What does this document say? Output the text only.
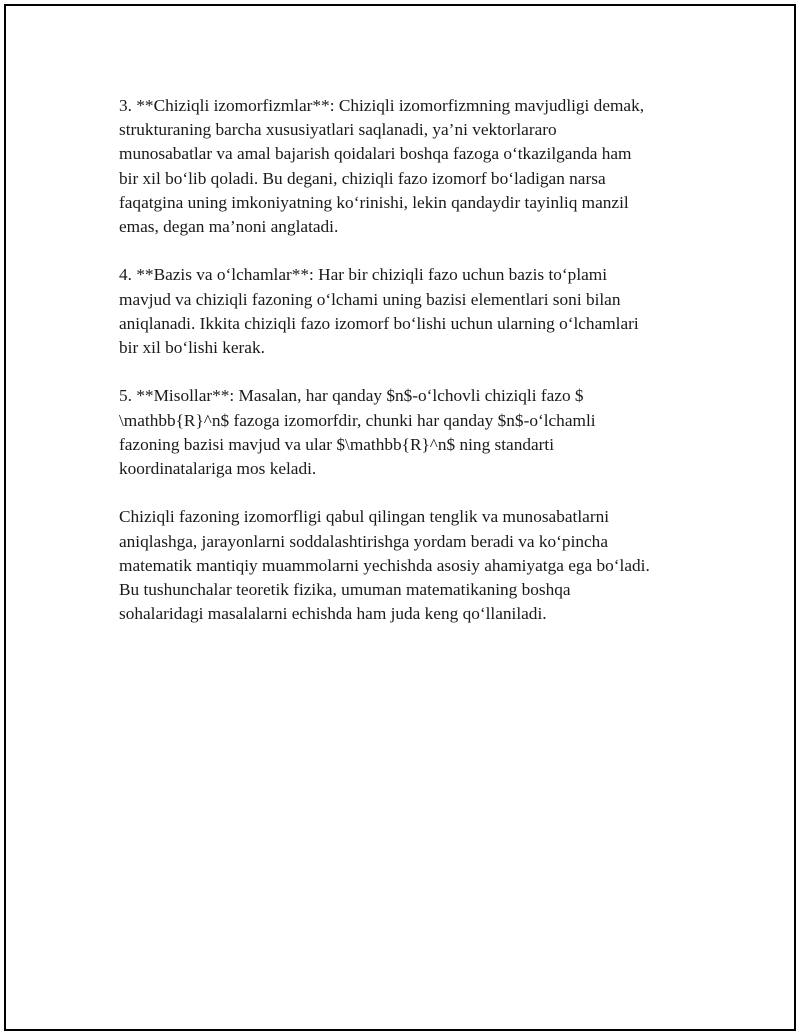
3. **Chiziqli izomorfizmlar**: Chiziqli izomorfizmning mavjudligi demak,
strukturaning barcha xususiyatlari saqlanadi, ya’ni vektorlararo
munosabatlar va amal bajarish qoidalari boshqa fazoga o‘tkazilganda ham
bir xil bo‘lib qoladi. Bu degani, chiziqli fazo izomorf bo‘ladigan narsa
faqatgina uning imkoniyatning ko‘rinishi, lekin qandaydir tayinliq manzil
emas, degan ma’noni anglatadi.

4. **Bazis va o‘lchamlar**: Har bir chiziqli fazo uchun bazis to‘plami
mavjud va chiziqli fazoning o‘lchami uning bazisi elementlari soni bilan
aniqlanadi. Ikkita chiziqli fazo izomorf bo‘lishi uchun ularning o‘lchamlari
bir xil bo‘lishi kerak.

5. **Misollar**: Masalan, har qanday $n$-o‘lchovli chiziqli fazo $
\mathbb{R}^n$ fazoga izomorfdir, chunki har qanday $n$-o‘lchamli
fazoning bazisi mavjud va ular $\mathbb{R}^n$ ning standarti
koordinatalariga mos keladi.

Chiziqli fazoning izomorfligi qabul qilingan tenglik va munosabatlarni
aniqlashga, jarayonlarni soddalashtirishga yordam beradi va ko‘pincha
matematik mantiqiy muammolarni yechishda asosiy ahamiyatga ega bo‘ladi.
Bu tushunchalar teoretik fizika, umuman matematikaning boshqa
sohalaridagi masalalarni echishda ham juda keng qo‘llaniladi.
